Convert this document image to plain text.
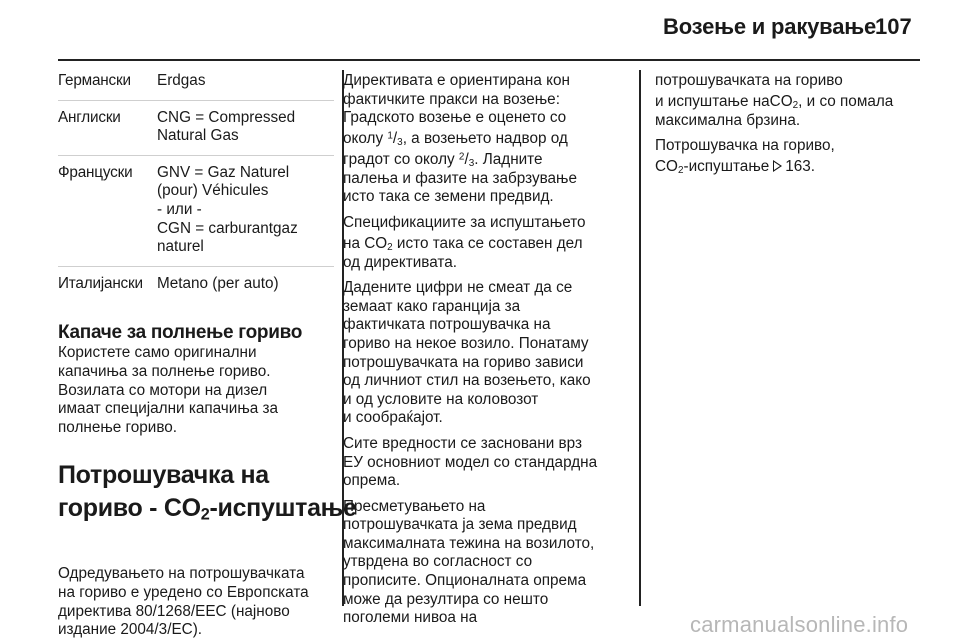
Возење и ракување
107
Германски	Erdgas

Англиски	CNG = Compressed
Natural Gas

Француски	GNV = Gaz Naturel
(pour) Véhicules
- или -
CGN = carburantgaz
naturel

Италијански	Metano (per auto)
Капаче за полнење гориво
Користете само оригинални
капачиња за полнење гориво.
Возилата со мотори на дизел
имаат специјални капачиња за
полнење гориво.
Потрошувачка на
гориво - $CO_2$-испуштање
Одредувањето на потрошувачката
на гориво е уредено со Европската
директива 80/1268/EEC (најново
издание 2004/3/EC).
Директивата е ориентирана кон
фактичките пракси на возење:
Градското возење е оценето со
околу $^1/_3$, а возењето надвор од
градот со околу $^2/_3$. Ладните
палења и фазите на забрзување
исто така се земени предвид.
Спецификациите за испуштањето
на $CO_2$ исто така се составен дел
од директивата.
Дадените цифри не смеат да се
земаат како гаранција за
фактичката потрошувачка на
гориво на некое возило. Понатаму
потрошувачката на гориво зависи
од личниот стил на возењето, како
и од условите на коловозот
и сообраќајот.
Сите вредности се засновани врз
ЕУ основниот модел со стандардна
опрема.
Пресметувањето на
потрошувачката ја зема предвид
максималната тежина на возилото,
утврдена во согласност со
прописите. Опционалната опрема
може да резултира со нешто
поголеми нивоа на
потрошувачката на гориво
и испуштање наCO$_2$, и со помала
максимална брзина.
Потрошувачка на гориво,
$CO_2$-испуштање 163.
carmanualsonline.info
